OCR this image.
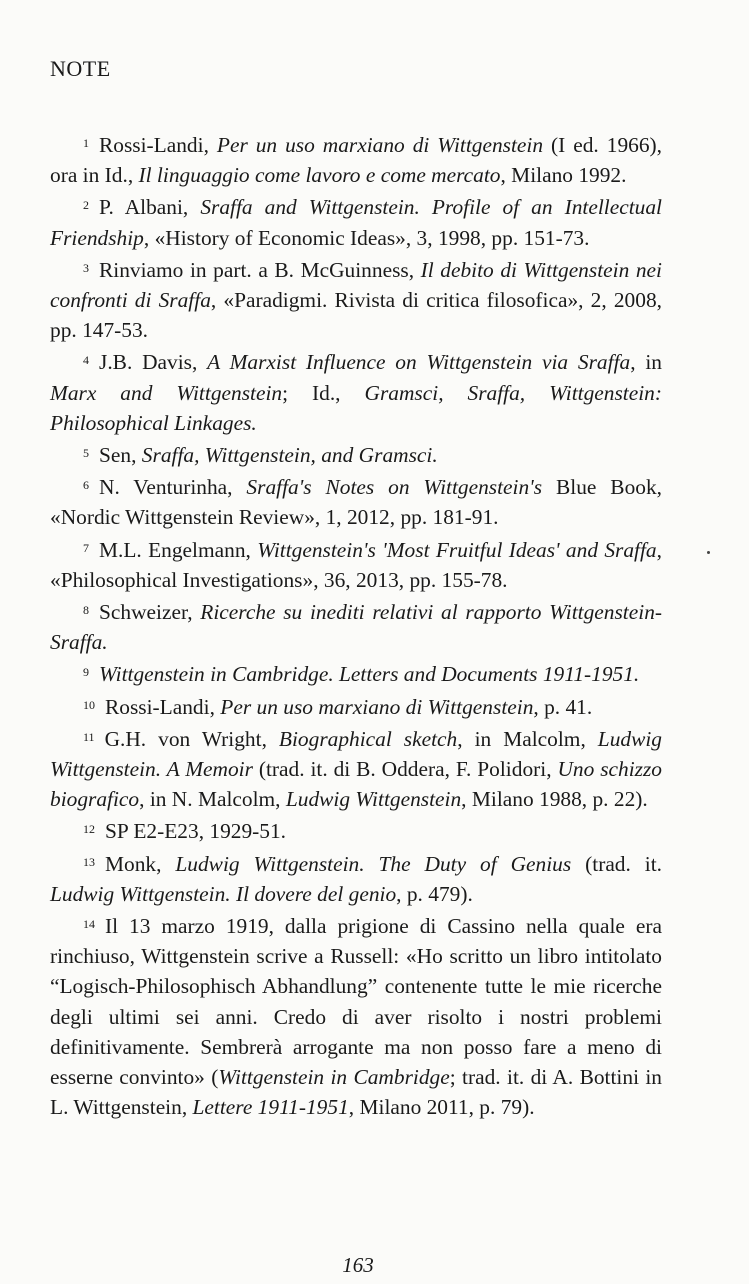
NOTE
1 Rossi-Landi, Per un uso marxiano di Wittgenstein (I ed. 1966), ora in Id., Il linguaggio come lavoro e come mercato, Milano 1992.
2 P. Albani, Sraffa and Wittgenstein. Profile of an Intellectual Friendship, «History of Economic Ideas», 3, 1998, pp. 151-73.
3 Rinviamo in part. a B. McGuinness, Il debito di Wittgenstein nei confronti di Sraffa, «Paradigmi. Rivista di critica filosofica», 2, 2008, pp. 147-53.
4 J.B. Davis, A Marxist Influence on Wittgenstein via Sraffa, in Marx and Wittgenstein; Id., Gramsci, Sraffa, Wittgenstein: Philosophical Linkages.
5 Sen, Sraffa, Wittgenstein, and Gramsci.
6 N. Venturinha, Sraffa's Notes on Wittgenstein's Blue Book, «Nordic Wittgenstein Review», 1, 2012, pp. 181-91.
7 M.L. Engelmann, Wittgenstein's 'Most Fruitful Ideas' and Sraffa, «Philosophical Investigations», 36, 2013, pp. 155-78.
8 Schweizer, Ricerche su inediti relativi al rapporto Wittgenstein-Sraffa.
9 Wittgenstein in Cambridge. Letters and Documents 1911-1951.
10 Rossi-Landi, Per un uso marxiano di Wittgenstein, p. 41.
11 G.H. von Wright, Biographical sketch, in Malcolm, Ludwig Wittgenstein. A Memoir (trad. it. di B. Oddera, F. Polidori, Uno schizzo biografico, in N. Malcolm, Ludwig Wittgenstein, Milano 1988, p. 22).
12 SP E2-E23, 1929-51.
13 Monk, Ludwig Wittgenstein. The Duty of Genius (trad. it. Ludwig Wittgenstein. Il dovere del genio, p. 479).
14 Il 13 marzo 1919, dalla prigione di Cassino nella quale era rinchiuso, Wittgenstein scrive a Russell: «Ho scritto un libro intitolato “Logisch-Philosophisch Abhandlung” contenente tutte le mie ricerche degli ultimi sei anni. Credo di aver risolto i nostri problemi definitivamente. Sembrerà arrogante ma non posso fare a meno di esserne convinto» (Wittgenstein in Cambridge; trad. it. di A. Bottini in L. Wittgenstein, Lettere 1911-1951, Milano 2011, p. 79).
163
